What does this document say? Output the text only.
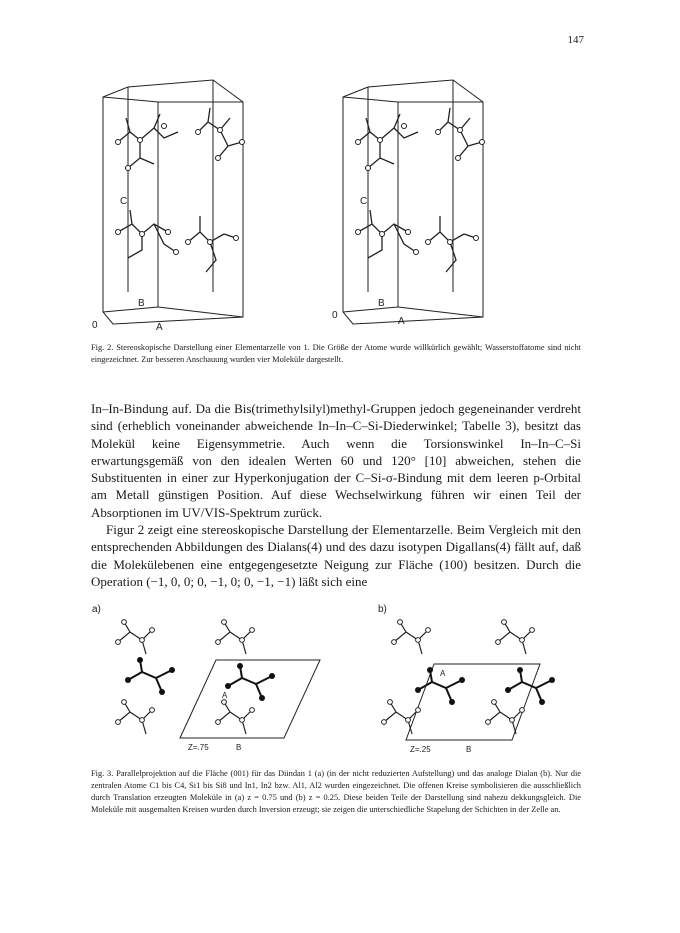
147
C
B
0	A
C
B
0
A
Fig. 2. Stereoskopische Darstellung einer Elementarzelle von 1. Die Größe der Atome wurde willkürlich gewählt; Wasserstoffatome sind nicht eingezeichnet. Zur besseren Anschauung wurden vier Moleküle dargestellt.

In–In-Bindung auf. Da die Bis(trimethylsilyl)methyl-Gruppen jedoch gegeneinander verdreht sind (erheblich voneinander abweichende In–In–C–Si-Diederwinkel; Tabelle 3), besitzt das Molekül keine Eigensymmetrie. Auch wenn die Torsionswinkel In–In–C–Si erwartungsgemäß von den idealen Werten 60 und 120° [10] abweichen, stehen die Substituenten in einer zur Hyperkonjugation der C–Si-σ-Bindung mit dem leeren p-Orbital am Metall günstigen Position. Auf diese Wechselwirkung führen wir einen Teil der Absorptionen im UV/VIS-Spektrum zurück.

Figur 2 zeigt eine stereoskopische Darstellung der Elementarzelle. Beim Vergleich mit den entsprechenden Abbildungen des Dialans(4) und des dazu isotypen Digallans(4) fällt auf, daß die Molekülebenen eine entgegengesetzte Neigung zur Fläche (100) besitzen. Durch die Operation (−1, 0, 0; 0, −1, 0; 0, −1, −1) läßt sich eine

a)	b)
A
Z=.75	B
A
Z=.25	B
Fig. 3. Parallelprojektion auf die Fläche (001) für das Diindan 1 (a) (in der nicht reduzierten Aufstellung) und das analoge Dialan (b). Nur die zentralen Atome C1 bis C4, Si1 bis Si8 und In1, In2 bzw. Al1, Al2 wurden eingezeichnet. Die offenen Kreise symbolisieren die ausschließlich durch Translation erzeugten Moleküle in (a) z = 0.75 und (b) z = 0.25. Diese beiden Teile der Darstellung sind nahezu dekkungsgleich. Die Moleküle mit ausgemalten Kreisen wurden durch Inversion erzeugt; sie zeigen die unterschiedliche Stapelung der Schichten in der Zelle an.
